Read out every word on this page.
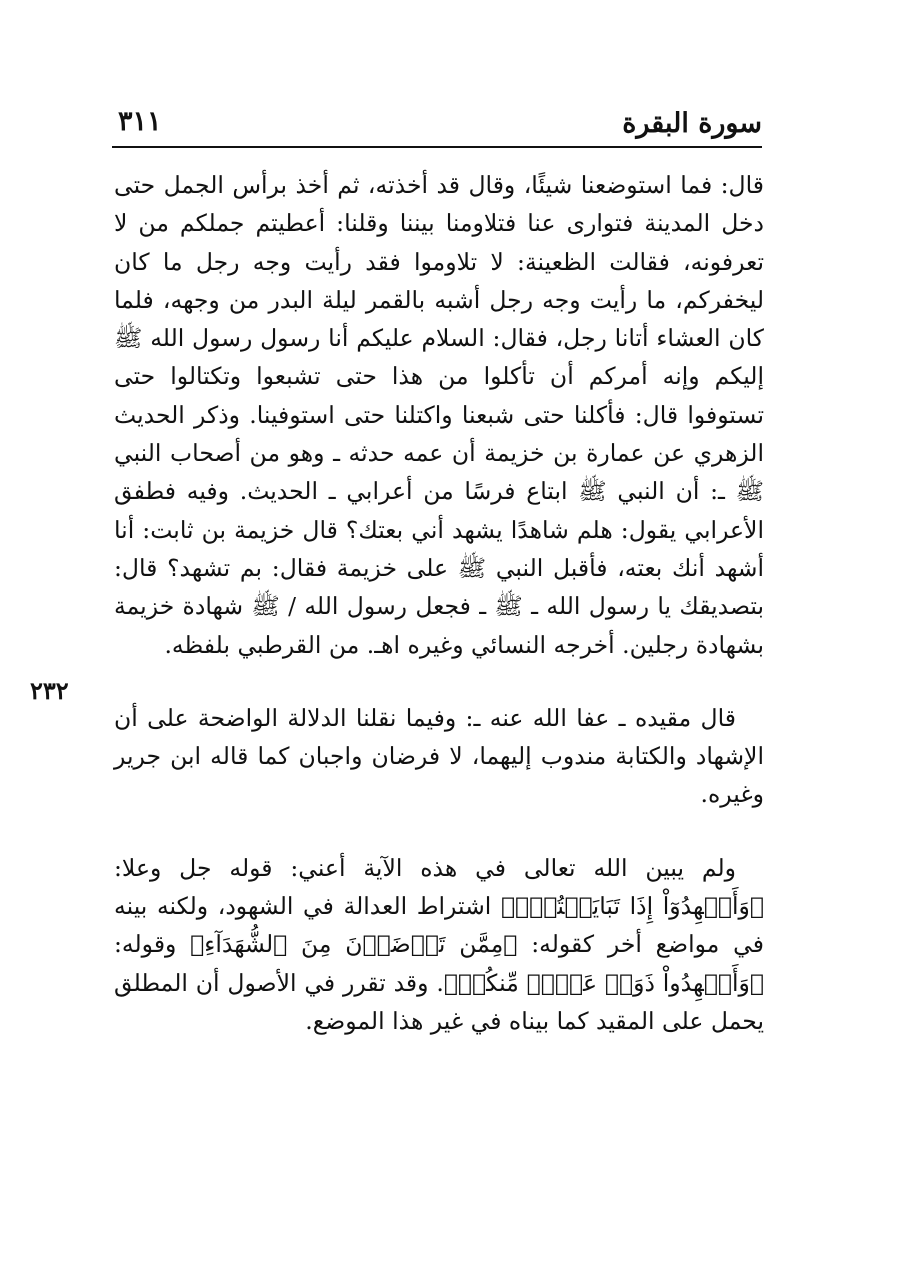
سورة البقرة
٣١١
٢٣٢

قال: فما استوضعنا شيئًا، وقال قد أخذته، ثم أخذ برأس الجمل حتى دخل المدينة فتوارى عنا فتلاومنا بيننا وقلنا: أعطيتم جملكم من لا تعرفونه، فقالت الظعينة: لا تلاوموا فقد رأيت وجه رجل ما كان ليخفركم، ما رأيت وجه رجل أشبه بالقمر ليلة البدر من وجهه، فلما كان العشاء أتانا رجل، فقال: السلام عليكم أنا رسول رسول الله ﷺ إليكم وإنه أمركم أن تأكلوا من هذا حتى تشبعوا وتكتالوا حتى تستوفوا قال: فأكلنا حتى شبعنا واكتلنا حتى استوفينا. وذكر الحديث الزهري عن عمارة بن خزيمة أن عمه حدثه ـ وهو من أصحاب النبي ﷺ ـ: أن النبي ﷺ ابتاع فرسًا من أعرابي ـ الحديث. وفيه فطفق الأعرابي يقول: هلم شاهدًا يشهد أني بعتك؟ قال خزيمة بن ثابت: أنا أشهد أنك بعته، فأقبل النبي ﷺ على خزيمة فقال: بم تشهد؟ قال: بتصديقك يا رسول الله ـ ﷺ ـ فجعل رسول الله / ﷺ شهادة خزيمة بشهادة رجلين. أخرجه النسائي وغيره اهـ. من القرطبي بلفظه.

قال مقيده ـ عفا الله عنه ـ: وفيما نقلنا الدلالة الواضحة على أن الإشهاد والكتابة مندوب إليهما، لا فرضان واجبان كما قاله ابن جرير وغيره.

ولم يبين الله تعالى في هذه الآية أعني: قوله جل وعلا: ﴿وَأَشۡهِدُوٓاْ إِذَا تَبَايَعۡتُمۡۚ﴾ اشتراط العدالة في الشهود، ولكنه بينه في مواضع أخر كقوله: ﴿مِمَّن تَرۡضَوۡنَ مِنَ ٱلشُّهَدَآءِ﴾ وقوله: ﴿وَأَشۡهِدُواْ ذَوَيۡ عَدۡلٖ مِّنكُمۡ﴾. وقد تقرر في الأصول أن المطلق يحمل على المقيد كما بيناه في غير هذا الموضع.
